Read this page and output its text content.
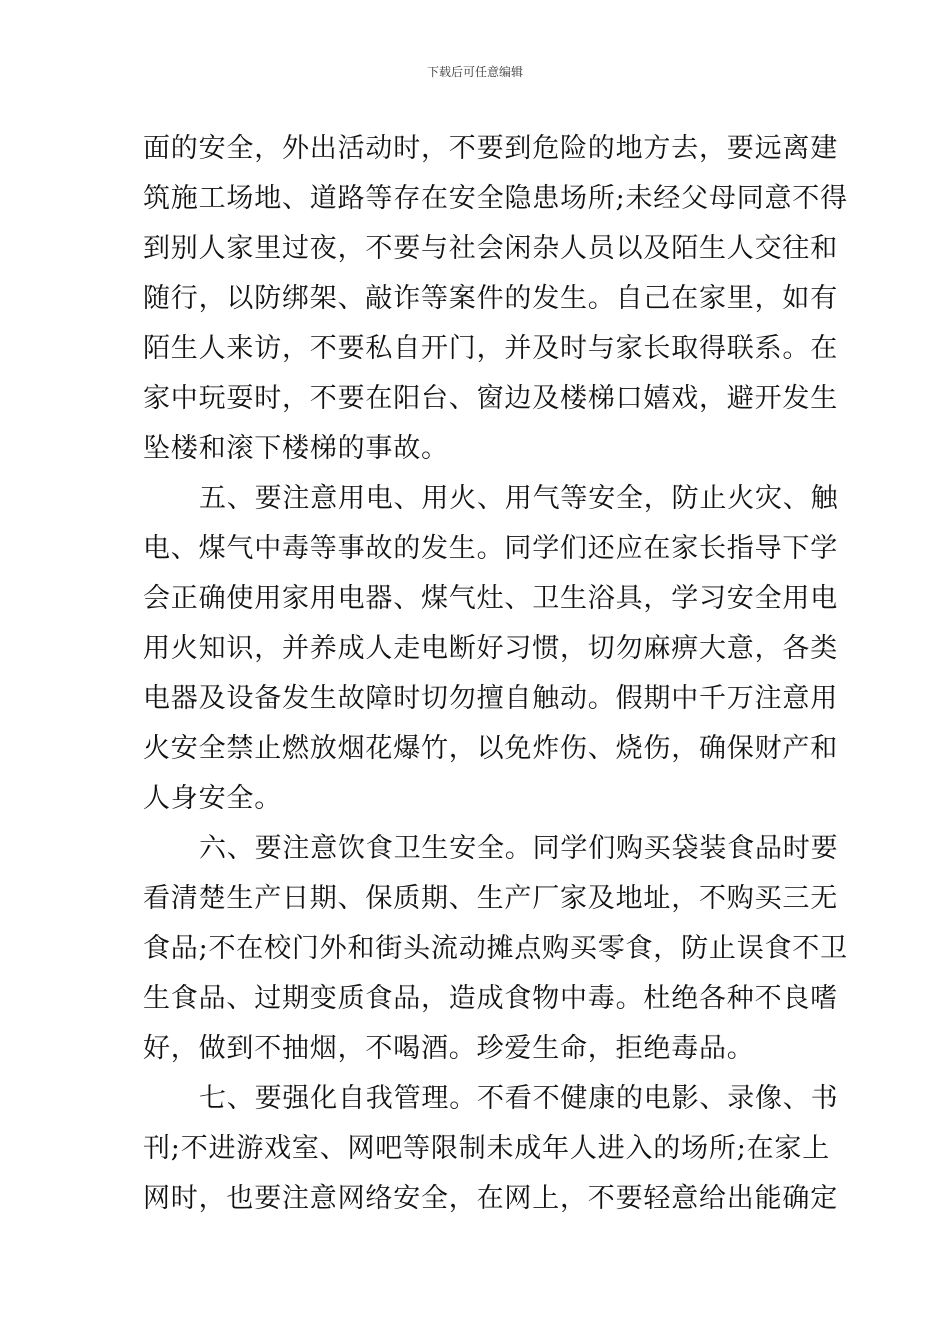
下载后可任意编辑
面的安全，外出活动时，不要到危险的地方去，要远离建
筑施工场地、道路等存在安全隐患场所;未经父母同意不得
到别人家里过夜，不要与社会闲杂人员以及陌生人交往和
随行，以防绑架、敲诈等案件的发生。自己在家里，如有
陌生人来访，不要私自开门，并及时与家长取得联系。在
家中玩耍时，不要在阳台、窗边及楼梯口嬉戏，避开发生
坠楼和滚下楼梯的事故。
五、要注意用电、用火、用气等安全，防止火灾、触
电、煤气中毒等事故的发生。同学们还应在家长指导下学
会正确使用家用电器、煤气灶、卫生浴具，学习安全用电
用火知识，并养成人走电断好习惯，切勿麻痹大意，各类
电器及设备发生故障时切勿擅自触动。假期中千万注意用
火安全禁止燃放烟花爆竹，以免炸伤、烧伤，确保财产和
人身安全。
六、要注意饮食卫生安全。同学们购买袋装食品时要
看清楚生产日期、保质期、生产厂家及地址，不购买三无
食品;不在校门外和街头流动摊点购买零食，防止误食不卫
生食品、过期变质食品，造成食物中毒。杜绝各种不良嗜
好，做到不抽烟，不喝酒。珍爱生命，拒绝毒品。
七、要强化自我管理。不看不健康的电影、录像、书
刊;不进游戏室、网吧等限制未成年人进入的场所;在家上
网时，也要注意网络安全，在网上，不要轻意给出能确定
